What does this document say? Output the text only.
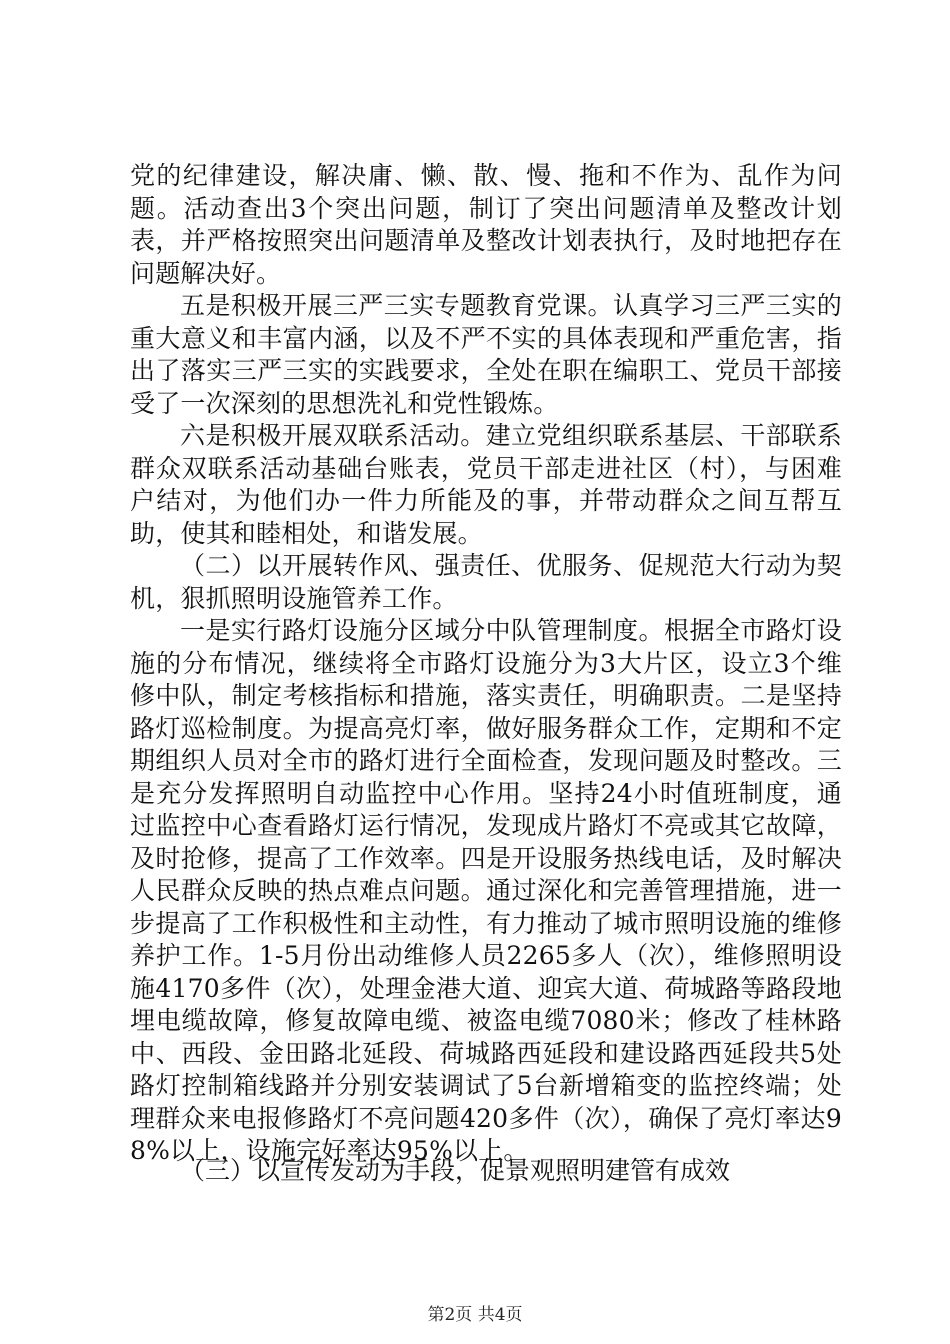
党的纪律建设，解决庸、懒、散、慢、拖和不作为、乱作为问题。活动查出3个突出问题，制订了突出问题清单及整改计划表，并严格按照突出问题清单及整改计划表执行，及时地把存在问题解决好。

五是积极开展三严三实专题教育党课。认真学习三严三实的重大意义和丰富内涵，以及不严不实的具体表现和严重危害，指出了落实三严三实的实践要求，全处在职在编职工、党员干部接受了一次深刻的思想洗礼和党性锻炼。

六是积极开展双联系活动。建立党组织联系基层、干部联系群众双联系活动基础台账表，党员干部走进社区（村），与困难户结对，为他们办一件力所能及的事，并带动群众之间互帮互助，使其和睦相处，和谐发展。

（二）以开展转作风、强责任、优服务、促规范大行动为契机，狠抓照明设施管养工作。

一是实行路灯设施分区域分中队管理制度。根据全市路灯设施的分布情况，继续将全市路灯设施分为3大片区，设立3个维修中队，制定考核指标和措施，落实责任，明确职责。二是坚持路灯巡检制度。为提高亮灯率，做好服务群众工作，定期和不定期组织人员对全市的路灯进行全面检查，发现问题及时整改。三是充分发挥照明自动监控中心作用。坚持24小时值班制度，通过监控中心查看路灯运行情况，发现成片路灯不亮或其它故障，及时抢修，提高了工作效率。四是开设服务热线电话，及时解决人民群众反映的热点难点问题。通过深化和完善管理措施，进一步提高了工作积极性和主动性，有力推动了城市照明设施的维修养护工作。1-5月份出动维修人员2265多人（次），维修照明设施4170多件（次），处理金港大道、迎宾大道、荷城路等路段地埋电缆故障，修复故障电缆、被盗电缆7080米；修改了桂林路中、西段、金田路北延段、荷城路西延段和建设路西延段共5处路灯控制箱线路并分别安装调试了5台新增箱变的监控终端；处理群众来电报修路灯不亮问题420多件（次），确保了亮灯率达98%以上，设施完好率达95%以上。

（三）以宣传发动为手段，促景观照明建管有成效

第2页 共4页
